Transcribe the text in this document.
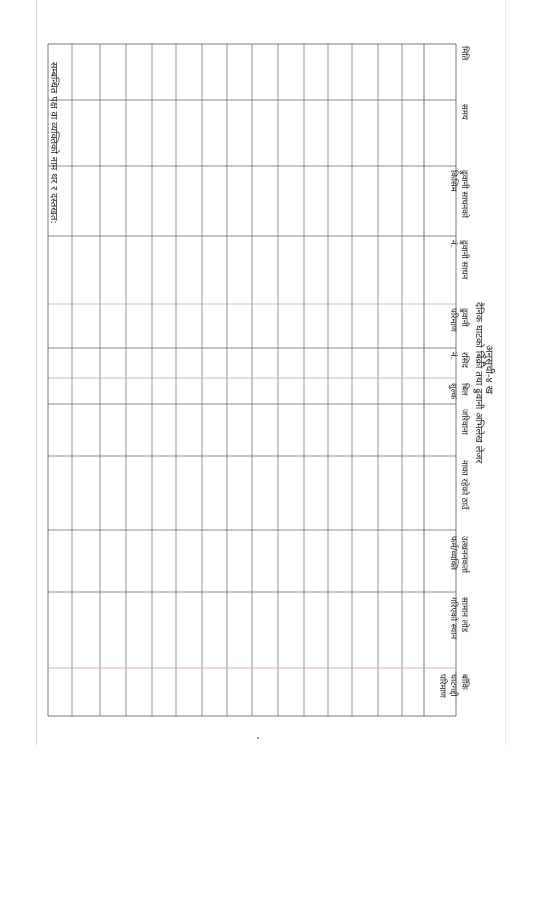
अनुसूची-४ ख
दैनिक घाटको बिक्री तथा ढुवानी अभिलेख लेजर
मिति
समय
ढुवानी साधनको
किसिम
ढुवानी साधन
नं.
ढुवानी
परिमाण
रसिद
नं.
बिल
शुल्क
जरिवाना
नाका रहेको ठाउँ
उत्खननकर्ता
फर्म/व्यक्ति
सामान लोड
गरिएको स्थान
बाँकि
घाटगद्दी
परिमाण
सम्बन्धित पक्ष वा व्यक्तिको नाम थर र दस्तखत:
